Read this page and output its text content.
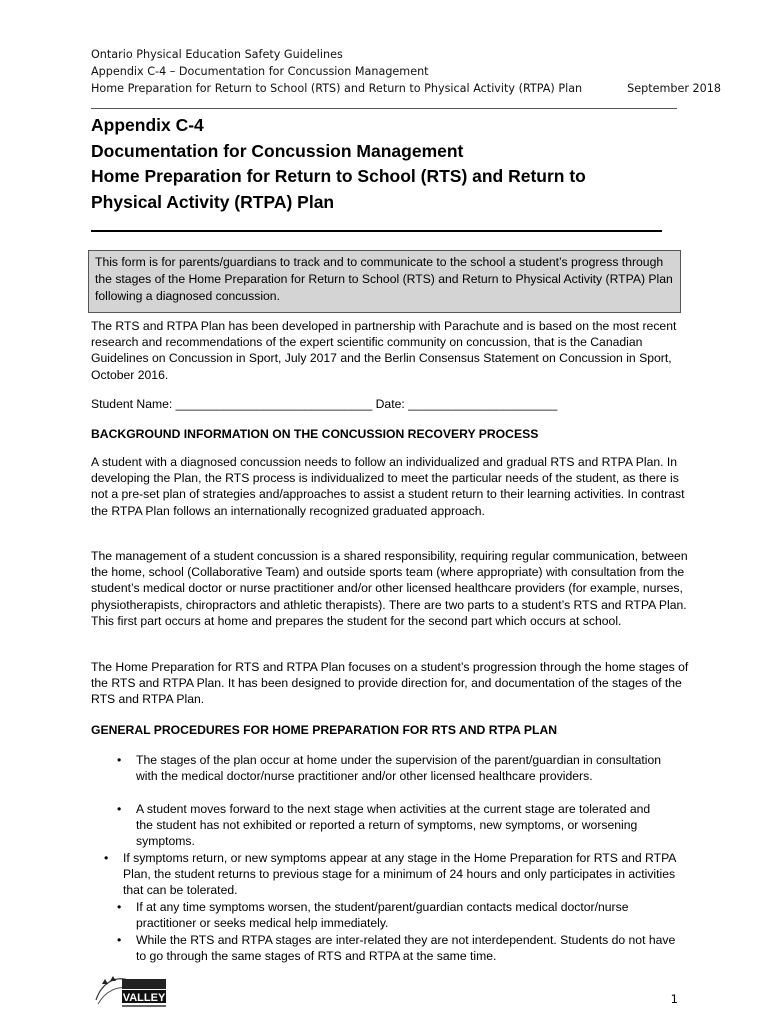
Ontario Physical Education Safety Guidelines
Appendix C-4 – Documentation for Concussion Management
Home Preparation for Return to School (RTS) and Return to Physical Activity (RTPA) Plan	September 2018
Appendix C-4
Documentation for Concussion Management
Home Preparation for Return to School (RTS) and Return to
Physical Activity (RTPA) Plan
This form is for parents/guardians to track and to communicate to the school a student’s progress through the stages of the Home Preparation for Return to School (RTS) and Return to Physical Activity (RTPA) Plan following a diagnosed concussion.

The RTS and RTPA Plan has been developed in partnership with Parachute and is based on the most recent research and recommendations of the expert scientific community on concussion, that is the Canadian Guidelines on Concussion in Sport, July 2017 and the Berlin Consensus Statement on Concussion in Sport, October 2016.

Student Name: _____________________________ Date: ______________________
BACKGROUND INFORMATION ON THE CONCUSSION RECOVERY PROCESS

A student with a diagnosed concussion needs to follow an individualized and gradual RTS and RTPA Plan. In developing the Plan, the RTS process is individualized to meet the particular needs of the student, as there is not a pre-set plan of strategies and/approaches to assist a student return to their learning activities. In contrast the RTPA Plan follows an internationally recognized graduated approach.

The management of a student concussion is a shared responsibility, requiring regular communication, between the home, school (Collaborative Team) and outside sports team (where appropriate) with consultation from the student’s medical doctor or nurse practitioner and/or other licensed healthcare providers (for example, nurses, physiotherapists, chiropractors and athletic therapists). There are two parts to a student’s RTS and RTPA Plan. This first part occurs at home and prepares the student for the second part which occurs at school.

The Home Preparation for RTS and RTPA Plan focuses on a student’s progression through the home stages of the RTS and RTPA Plan. It has been designed to provide direction for, and documentation of the stages of the RTS and RTPA Plan.

GENERAL PROCEDURES FOR HOME PREPARATION FOR RTS AND RTPA PLAN
• The stages of the plan occur at home under the supervision of the parent/guardian in consultation with the medical doctor/nurse practitioner and/or other licensed healthcare providers.
• A student moves forward to the next stage when activities at the current stage are tolerated and the student has not exhibited or reported a return of symptoms, new symptoms, or worsening symptoms.
• If symptoms return, or new symptoms appear at any stage in the Home Preparation for RTS and RTPA Plan, the student returns to previous stage for a minimum of 24 hours and only participates in activities that can be tolerated.
• If at any time symptoms worsen, the student/parent/guardian contacts medical doctor/nurse practitioner or seeks medical help immediately.
• While the RTS and RTPA stages are inter-related they are not interdependent. Students do not have to go through the same stages of RTS and RTPA at the same time.
VALLEY	1
